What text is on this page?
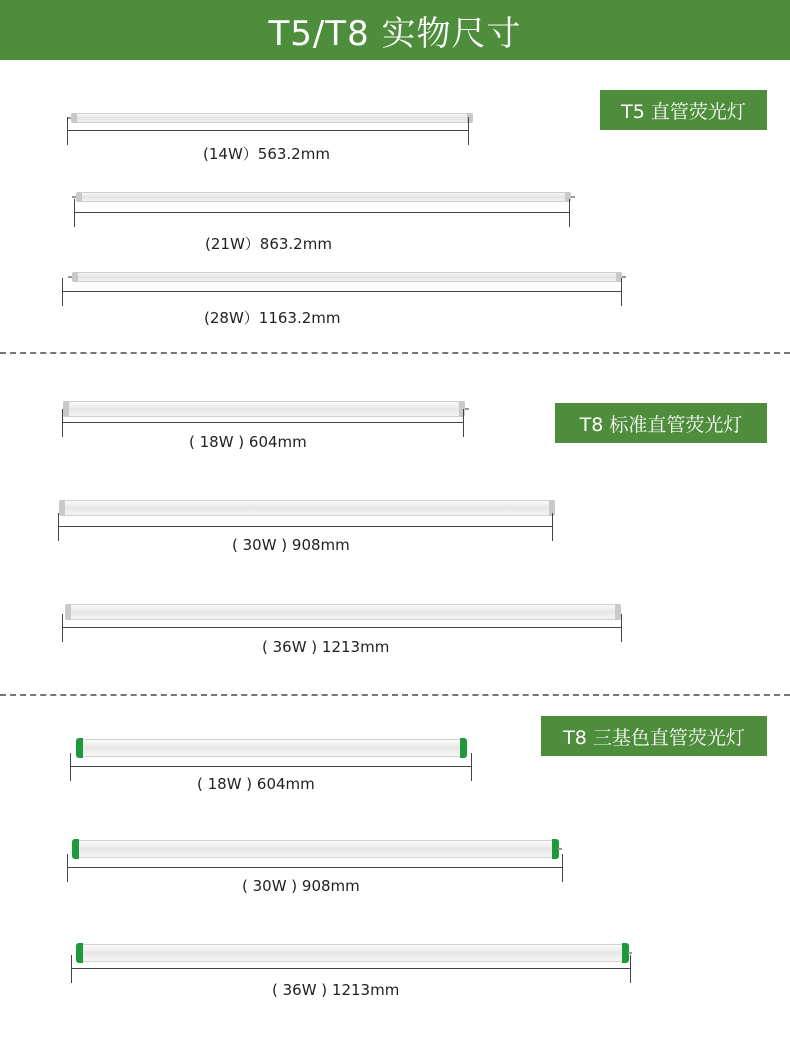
T5/T8 实物尺寸
T5 直管荧光灯
(14W）563.2mm
(21W）863.2mm
(28W）1163.2mm
T8 标准直管荧光灯
( 18W ) 604mm
( 30W ) 908mm
( 36W ) 1213mm
T8 三基色直管荧光灯
( 18W ) 604mm
( 30W ) 908mm
( 36W ) 1213mm
